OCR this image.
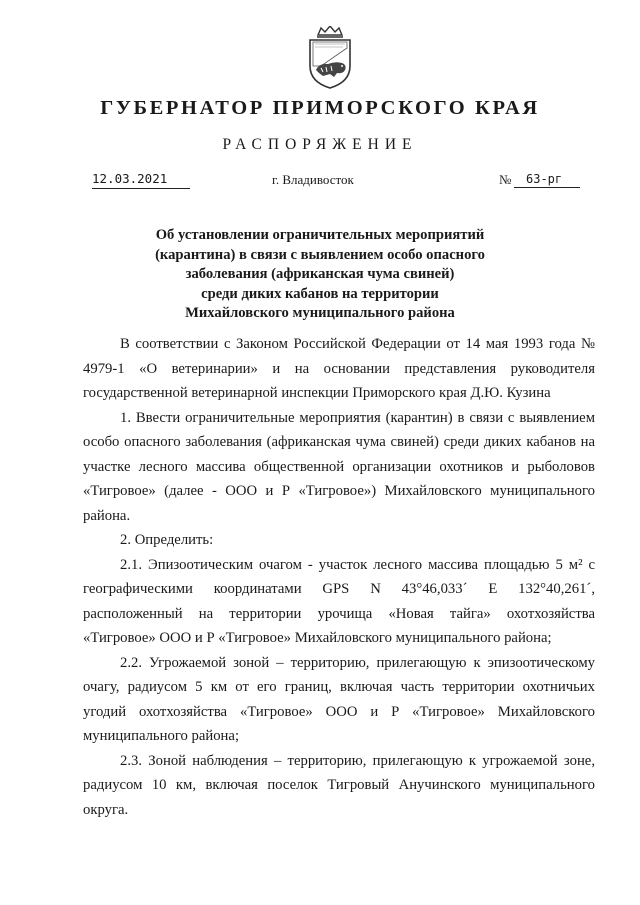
ГУБЕРНАТОР ПРИМОРСКОГО КРАЯ
РАСПОРЯЖЕНИЕ
12.03.2021	г. Владивосток	№	63-рг
Об установлении ограничительных мероприятий
(карантина) в связи с выявлением особо опасного
заболевания (африканская чума свиней)
среди диких кабанов на территории
Михайловского муниципального района

В соответствии с Законом Российской Федерации от 14 мая 1993 года № 4979-1 «О ветеринарии» и на основании представления руководителя государственной ветеринарной инспекции Приморского края Д.Ю. Кузина

1. Ввести ограничительные мероприятия (карантин) в связи с выявлением особо опасного заболевания (африканская чума свиней) среди диких кабанов на участке лесного массива общественной организации охотников и рыболовов «Тигровое» (далее - ООО и Р «Тигровое») Михайловского муниципального района.

2. Определить:

2.1. Эпизоотическим очагом - участок лесного массива площадью 5 м² с географическими координатами GPS N 43°46,033´ E 132°40,261´, расположенный на территории урочища «Новая тайга» охотхозяйства «Тигровое» ООО и Р «Тигровое» Михайловского муниципального района;

2.2. Угрожаемой зоной – территорию, прилегающую к эпизоотическому очагу, радиусом 5 км от его границ, включая часть территории охотничьих угодий охотхозяйства «Тигровое» ООО и Р «Тигровое» Михайловского муниципального района;

2.3. Зоной наблюдения – территорию, прилегающую к угрожаемой зоне, радиусом 10 км, включая поселок Тигровый Анучинского муниципального округа.
